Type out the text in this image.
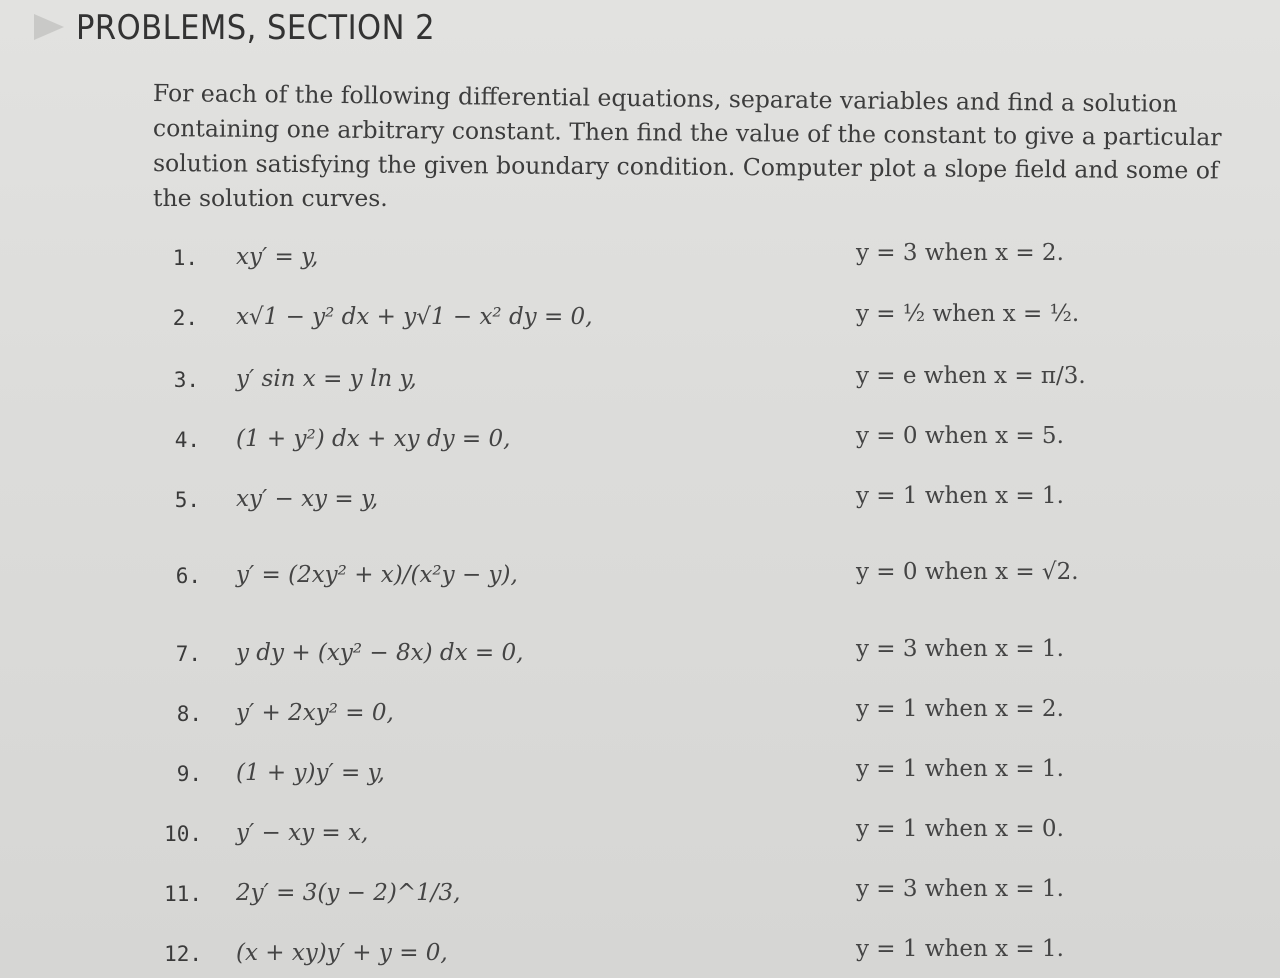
PROBLEMS, SECTION 2
For each of the following differential equations, separate variables and find a solution
containing one arbitrary constant. Then find the value of the constant to give a particular
solution satisfying the given boundary condition. Computer plot a slope field and some of
the solution curves.
1. xy′ = y,	y = 3 when x = 2.
2. x√1 − y² dx + y√1 − x² dy = 0,	y = ½ when x = ½.
3. y′ sin x = y ln y,	y = e when x = π/3.
4. (1 + y²) dx + xy dy = 0,	y = 0 when x = 5.
5. xy′ − xy = y,	y = 1 when x = 1.
6. y′ = (2xy² + x)/(x²y − y),	y = 0 when x = √2.
7. y dy + (xy² − 8x) dx = 0,	y = 3 when x = 1.
8. y′ + 2xy² = 0,	y = 1 when x = 2.
9. (1 + y)y′ = y,	y = 1 when x = 1.
10. y′ − xy = x,	y = 1 when x = 0.
11. 2y′ = 3(y − 2)^1/3,	y = 3 when x = 1.
12. (x + xy)y′ + y = 0,	y = 1 when x = 1.
